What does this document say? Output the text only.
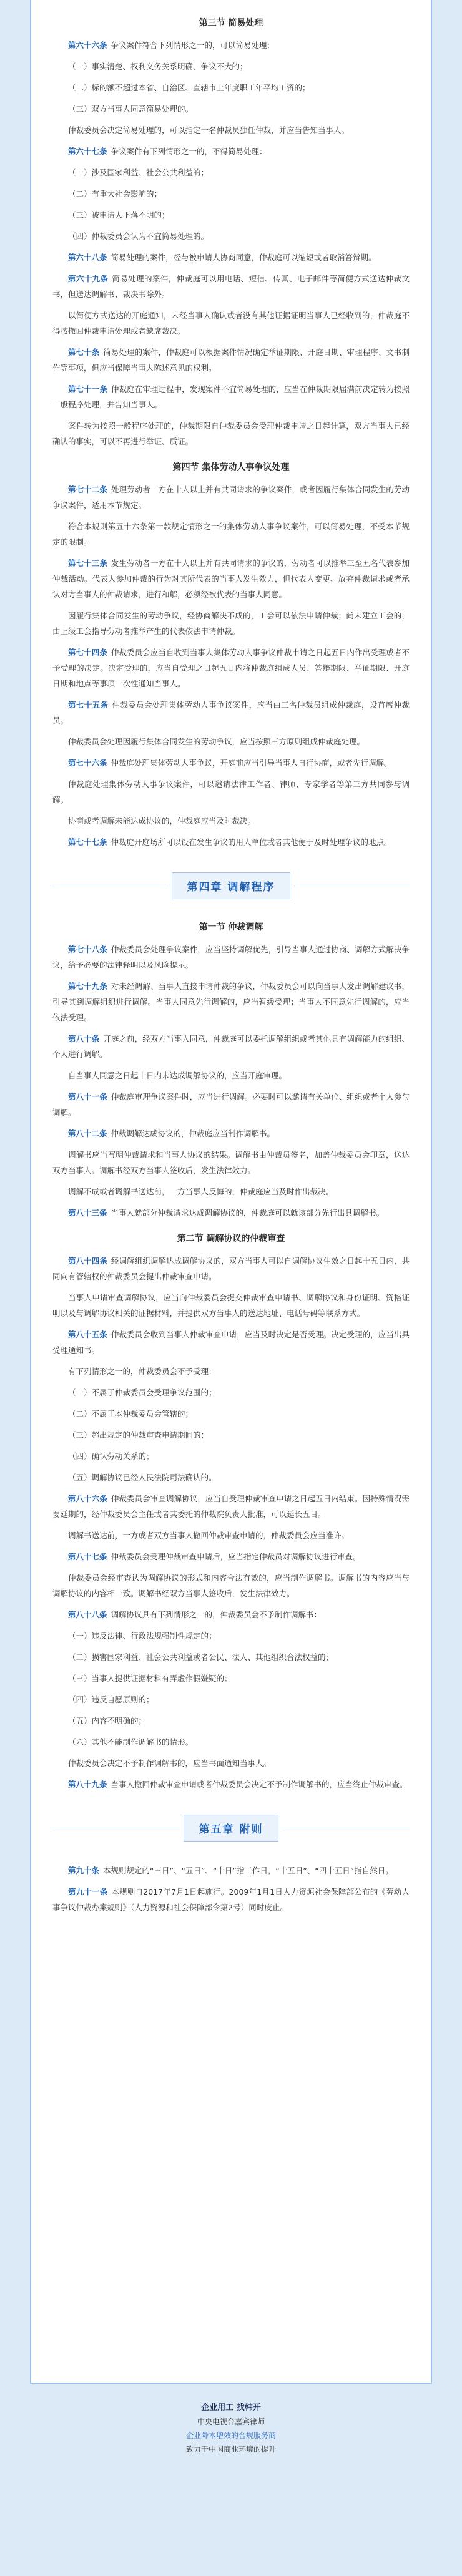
第三节 简易处理

第六十六条 争议案件符合下列情形之一的，可以简易处理：

（一）事实清楚、权利义务关系明确、争议不大的；

（二）标的额不超过本省、自治区、直辖市上年度职工年平均工资的；

（三）双方当事人同意简易处理的。

仲裁委员会决定简易处理的，可以指定一名仲裁员独任仲裁，并应当告知当事人。

第六十七条 争议案件有下列情形之一的，不得简易处理：

（一）涉及国家利益、社会公共利益的；

（二）有重大社会影响的；

（三）被申请人下落不明的；

（四）仲裁委员会认为不宜简易处理的。

第六十八条 简易处理的案件，经与被申请人协商同意，仲裁庭可以缩短或者取消答辩期。

第六十九条 简易处理的案件，仲裁庭可以用电话、短信、传真、电子邮件等简便方式送达仲裁文书，但送达调解书、裁决书除外。

以简便方式送达的开庭通知，未经当事人确认或者没有其他证据证明当事人已经收到的，仲裁庭不得按撤回仲裁申请处理或者缺席裁决。

第七十条 简易处理的案件，仲裁庭可以根据案件情况确定举证期限、开庭日期、审理程序、文书制作等事项，但应当保障当事人陈述意见的权利。

第七十一条 仲裁庭在审理过程中，发现案件不宜简易处理的，应当在仲裁期限届满前决定转为按照一般程序处理，并告知当事人。

案件转为按照一般程序处理的，仲裁期限自仲裁委员会受理仲裁申请之日起计算，双方当事人已经确认的事实，可以不再进行举证、质证。

第四节 集体劳动人事争议处理

第七十二条 处理劳动者一方在十人以上并有共同请求的争议案件，或者因履行集体合同发生的劳动争议案件，适用本节规定。

符合本规则第五十六条第一款规定情形之一的集体劳动人事争议案件，可以简易处理，不受本节规定的限制。

第七十三条 发生劳动者一方在十人以上并有共同请求的争议的，劳动者可以推举三至五名代表参加仲裁活动。代表人参加仲裁的行为对其所代表的当事人发生效力，但代表人变更、放弃仲裁请求或者承认对方当事人的仲裁请求，进行和解，必须经被代表的当事人同意。

因履行集体合同发生的劳动争议，经协商解决不成的，工会可以依法申请仲裁；尚未建立工会的，由上级工会指导劳动者推举产生的代表依法申请仲裁。

第七十四条 仲裁委员会应当自收到当事人集体劳动人事争议仲裁申请之日起五日内作出受理或者不予受理的决定。决定受理的，应当自受理之日起五日内将仲裁庭组成人员、答辩期限、举证期限、开庭日期和地点等事项一次性通知当事人。

第七十五条 仲裁委员会处理集体劳动人事争议案件，应当由三名仲裁员组成仲裁庭，设首席仲裁员。

仲裁委员会处理因履行集体合同发生的劳动争议，应当按照三方原则组成仲裁庭处理。

第七十六条 仲裁庭处理集体劳动人事争议，开庭前应当引导当事人自行协商，或者先行调解。

仲裁庭处理集体劳动人事争议案件，可以邀请法律工作者、律师、专家学者等第三方共同参与调解。

协商或者调解未能达成协议的，仲裁庭应当及时裁决。

第七十七条 仲裁庭开庭场所可以设在发生争议的用人单位或者其他便于及时处理争议的地点。

第四章 调解程序
第一节 仲裁调解

第七十八条 仲裁委员会处理争议案件，应当坚持调解优先，引导当事人通过协商、调解方式解决争议，给予必要的法律释明以及风险提示。

第七十九条 对未经调解、当事人直接申请仲裁的争议，仲裁委员会可以向当事人发出调解建议书，引导其到调解组织进行调解。当事人同意先行调解的，应当暂缓受理；当事人不同意先行调解的，应当依法受理。

第八十条 开庭之前，经双方当事人同意，仲裁庭可以委托调解组织或者其他具有调解能力的组织、个人进行调解。

自当事人同意之日起十日内未达成调解协议的，应当开庭审理。

第八十一条 仲裁庭审理争议案件时，应当进行调解。必要时可以邀请有关单位、组织或者个人参与调解。

第八十二条 仲裁调解达成协议的，仲裁庭应当制作调解书。

调解书应当写明仲裁请求和当事人协议的结果。调解书由仲裁员签名，加盖仲裁委员会印章，送达双方当事人。调解书经双方当事人签收后，发生法律效力。

调解不成或者调解书送达前，一方当事人反悔的，仲裁庭应当及时作出裁决。

第八十三条 当事人就部分仲裁请求达成调解协议的，仲裁庭可以就该部分先行出具调解书。

第二节 调解协议的仲裁审查

第八十四条 经调解组织调解达成调解协议的，双方当事人可以自调解协议生效之日起十五日内，共同向有管辖权的仲裁委员会提出仲裁审查申请。

当事人申请审查调解协议，应当向仲裁委员会提交仲裁审查申请书、调解协议和身份证明、资格证明以及与调解协议相关的证据材料，并提供双方当事人的送达地址、电话号码等联系方式。

第八十五条 仲裁委员会收到当事人仲裁审查申请，应当及时决定是否受理。决定受理的，应当出具受理通知书。

有下列情形之一的，仲裁委员会不予受理：

（一）不属于仲裁委员会受理争议范围的；

（二）不属于本仲裁委员会管辖的；

（三）超出规定的仲裁审查申请期间的；

（四）确认劳动关系的；

（五）调解协议已经人民法院司法确认的。

第八十六条 仲裁委员会审查调解协议，应当自受理仲裁审查申请之日起五日内结束。因特殊情况需要延期的，经仲裁委员会主任或者其委托的仲裁院负责人批准，可以延长五日。

调解书送达前，一方或者双方当事人撤回仲裁审查申请的，仲裁委员会应当准许。

第八十七条 仲裁委员会受理仲裁审查申请后，应当指定仲裁员对调解协议进行审查。

仲裁委员会经审查认为调解协议的形式和内容合法有效的，应当制作调解书。调解书的内容应当与调解协议的内容相一致。调解书经双方当事人签收后，发生法律效力。

第八十八条 调解协议具有下列情形之一的，仲裁委员会不予制作调解书：

（一）违反法律、行政法规强制性规定的；

（二）损害国家利益、社会公共利益或者公民、法人、其他组织合法权益的；

（三）当事人提供证据材料有弄虚作假嫌疑的；

（四）违反自愿原则的；

（五）内容不明确的；

（六）其他不能制作调解书的情形。

仲裁委员会决定不予制作调解书的，应当书面通知当事人。

第八十九条 当事人撤回仲裁审查申请或者仲裁委员会决定不予制作调解书的，应当终止仲裁审查。

第五章 附则

第九十条 本规则规定的“三日”、“五日”、“十日”指工作日，“十五日”、“四十五日”指自然日。

第九十一条 本规则自2017年7月1日起施行。2009年1月1日人力资源社会保障部公布的《劳动人事争议仲裁办案规则》（人力资源和社会保障部令第2号）同时废止。

企业用工 找韩开
中央电视台嘉宾律师
企业降本增效的合规服务商
致力于中国商业环境的提升
